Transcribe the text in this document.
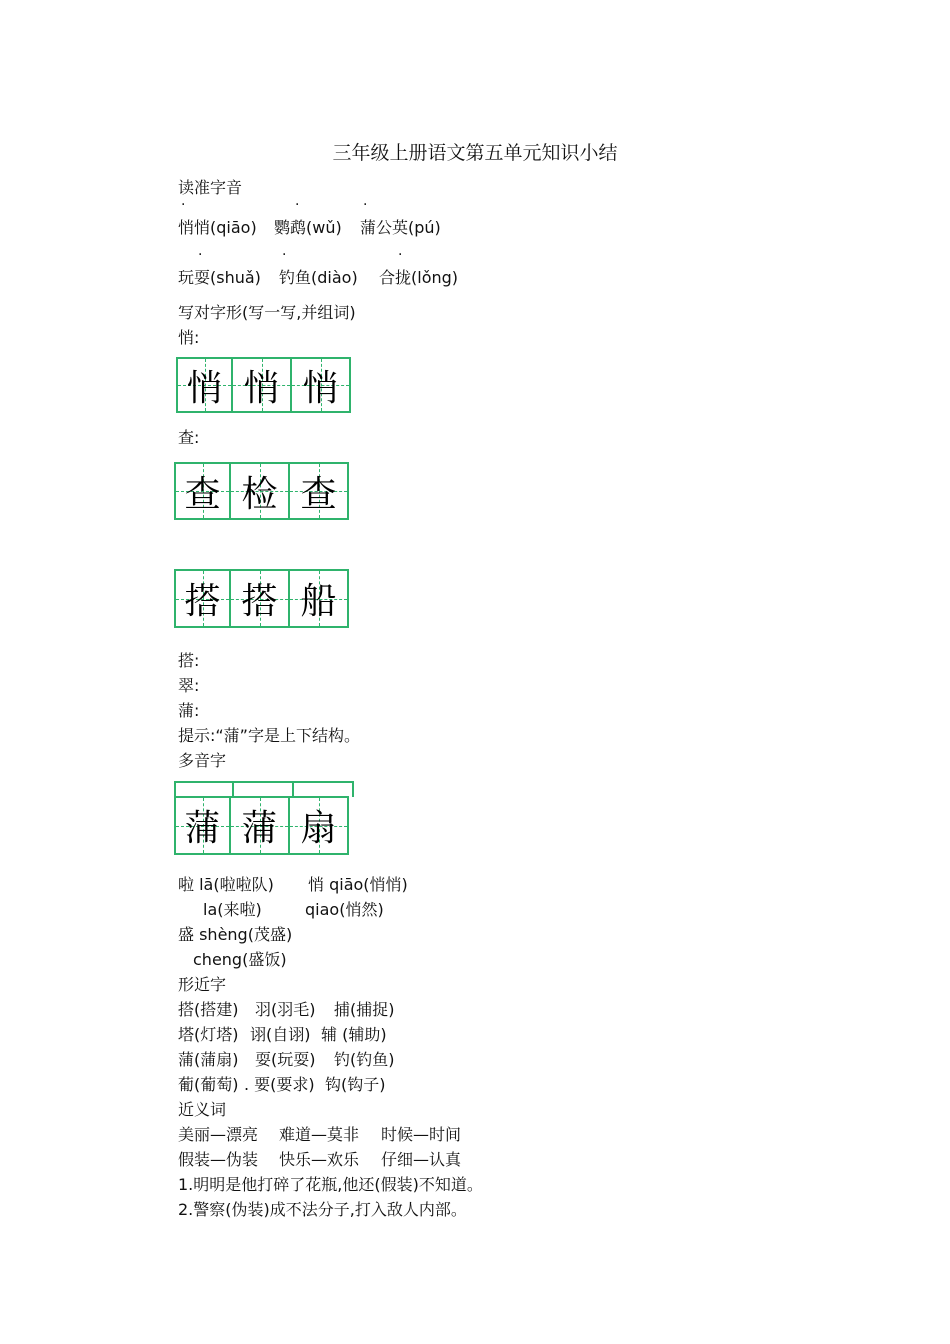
三年级上册语文第五单元知识小结
读准字音
·	·	·
悄悄(qiāo) 鹦鹉(wǔ) 蒲公英(pú)
·	·	·
玩耍(shuǎ) 钓鱼(diào) 合拢(lǒng)
写对字形(写一写,并组词)
悄:
悄 悄 悄
查:
查 检 查
搭 搭 船
搭:
翠:
蒲:
提示:“蒲”字是上下结构。
多音字
蒲 蒲 扇
啦 lā(啦啦队) 悄 qiāo(悄悄)
la(来啦)	qiao(悄然)
盛 shèng(茂盛)
cheng(盛饭)
形近字
搭(搭建) 羽(羽毛) 捕(捕捉)
塔(灯塔) 诩(自诩) 辅 (辅助)
蒲(蒲扇) 耍(玩耍) 钓(钓鱼)
葡(葡萄) . 要(要求) 钩(钩子)
近义词
美丽—漂亮 难道—莫非 时候—时间
假装—伪装 快乐—欢乐 仔细—认真
1.明明是他打碎了花瓶,他还(假装)不知道。
2.警察(伪装)成不法分子,打入敌人内部。
